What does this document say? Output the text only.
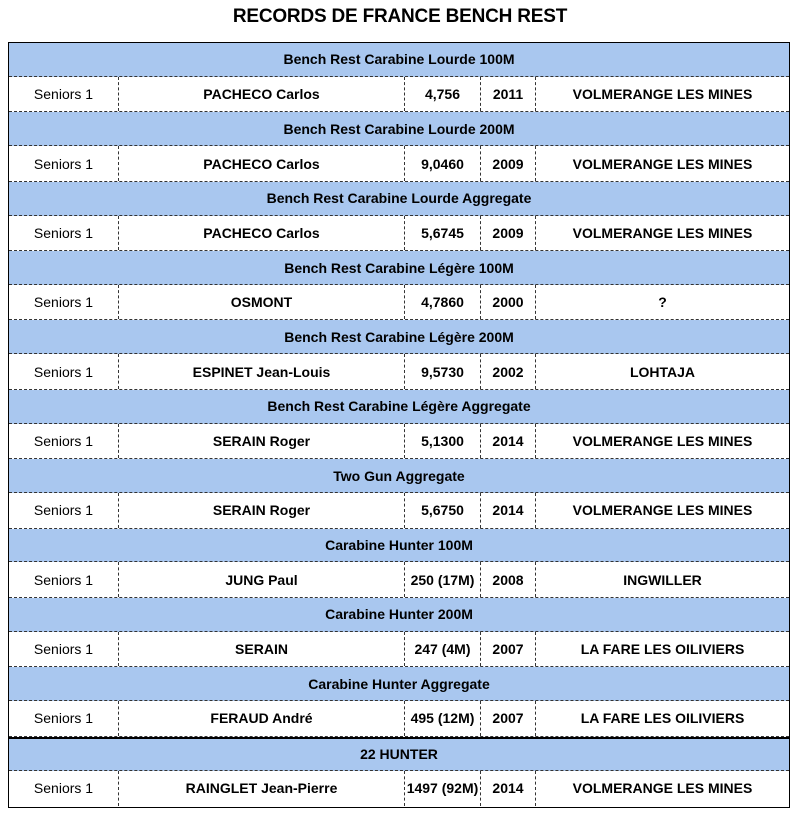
RECORDS DE FRANCE BENCH REST
Bench Rest Carabine Lourde 100M
Seniors 1	PACHECO Carlos	4,756	2011	VOLMERANGE LES MINES
Bench Rest Carabine Lourde 200M
Seniors 1	PACHECO Carlos	9,0460	2009	VOLMERANGE LES MINES
Bench Rest Carabine Lourde Aggregate
Seniors 1	PACHECO Carlos	5,6745	2009	VOLMERANGE LES MINES
Bench Rest Carabine Légère 100M
Seniors 1	OSMONT	4,7860	2000	?
Bench Rest Carabine Légère 200M
Seniors 1	ESPINET Jean-Louis	9,5730	2002	LOHTAJA
Bench Rest Carabine Légère Aggregate
Seniors 1	SERAIN Roger	5,1300	2014	VOLMERANGE LES MINES
Two Gun Aggregate
Seniors 1	SERAIN Roger	5,6750	2014	VOLMERANGE LES MINES
Carabine Hunter 100M
Seniors 1	JUNG Paul	250 (17M)	2008	INGWILLER
Carabine Hunter 200M
Seniors 1	SERAIN	247 (4M)	2007	LA FARE LES OILIVIERS
Carabine Hunter Aggregate
Seniors 1	FERAUD André	495 (12M)	2007	LA FARE LES OILIVIERS
22 HUNTER
Seniors 1	RAINGLET Jean-Pierre	1497 (92M)	2014	VOLMERANGE LES MINES
